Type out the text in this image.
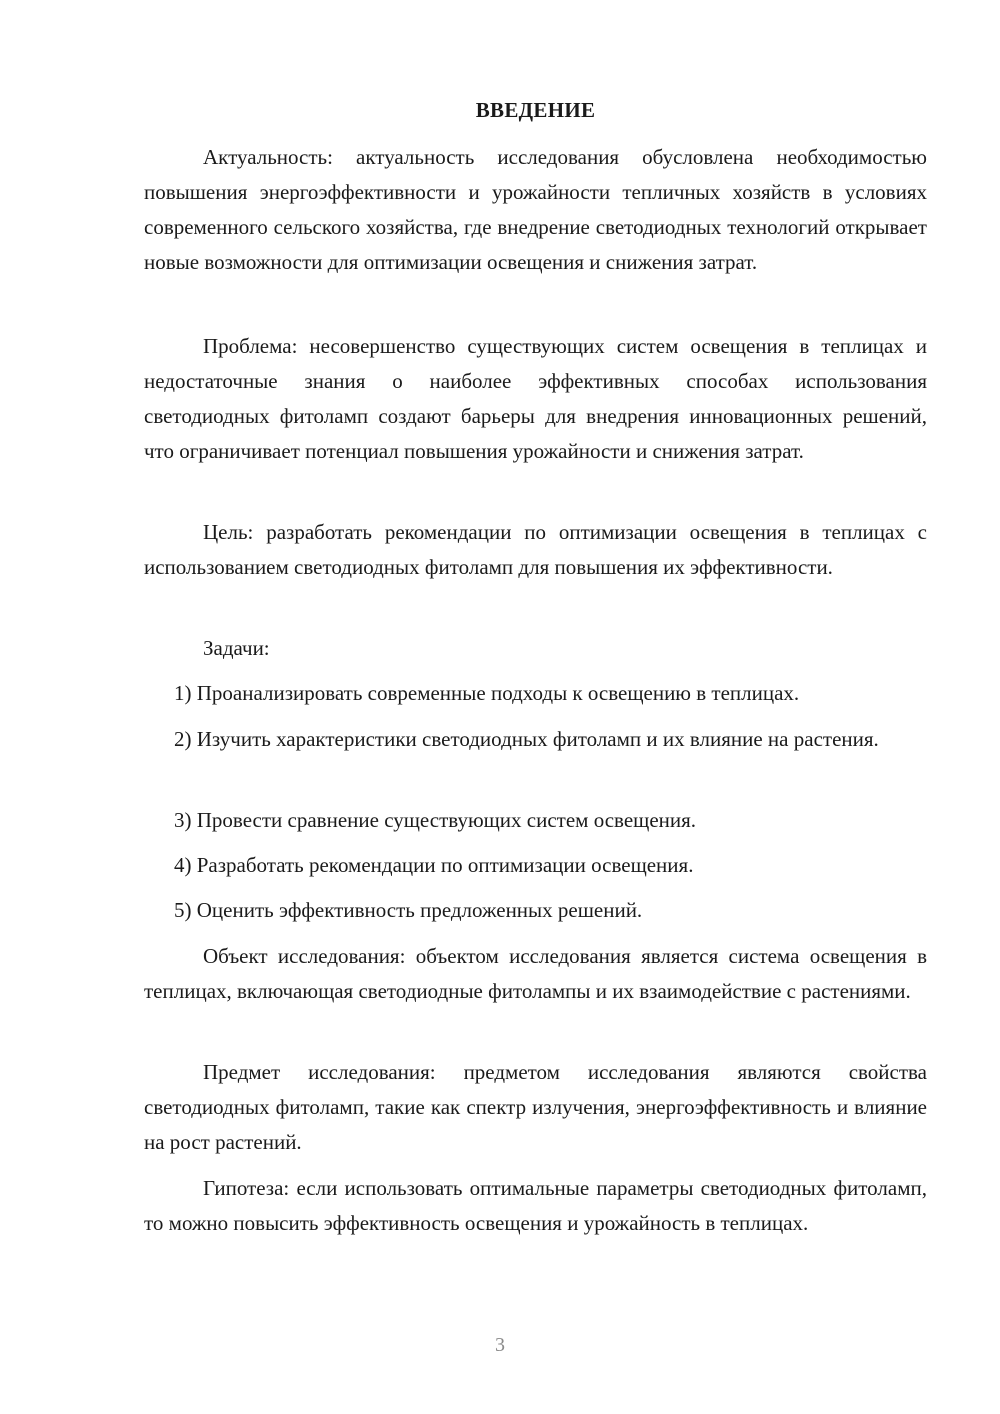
ВВЕДЕНИЕ

Актуальность: актуальность исследования обусловлена необходимостью повышения энергоэффективности и урожайности тепличных хозяйств в условиях современного сельского хозяйства, где внедрение светодиодных технологий открывает новые возможности для оптимизации освещения и снижения затрат.

Проблема: несовершенство существующих систем освещения в теплицах и недостаточные знания о наиболее эффективных способах использования светодиодных фитоламп создают барьеры для внедрения инновационных решений, что ограничивает потенциал повышения урожайности и снижения затрат.

Цель: разработать рекомендации по оптимизации освещения в теплицах с использованием светодиодных фитоламп для повышения их эффективности.

Задачи:

1) Проанализировать современные подходы к освещению в теплицах.

2) Изучить характеристики светодиодных фитоламп и их влияние на растения.

3) Провести сравнение существующих систем освещения.

4) Разработать рекомендации по оптимизации освещения.

5) Оценить эффективность предложенных решений.

Объект исследования: объектом исследования является система освещения в теплицах, включающая светодиодные фитолампы и их взаимодействие с растениями.

Предмет исследования: предметом исследования являются свойства светодиодных фитоламп, такие как спектр излучения, энергоэффективность и влияние на рост растений.

Гипотеза: если использовать оптимальные параметры светодиодных фитоламп, то можно повысить эффективность освещения и урожайность в теплицах.

3
